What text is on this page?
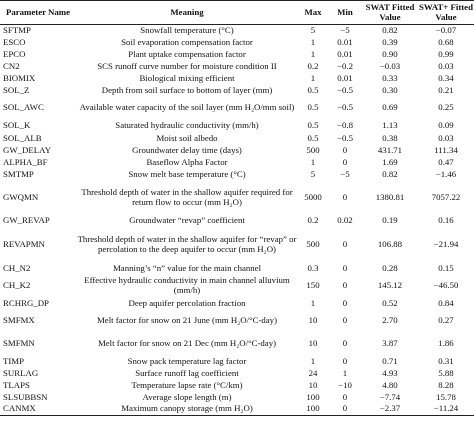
Parameter Name	Meaning	Max	Min	SWAT Fitted Value	SWAT+ Fitted Value
SFTMP	Snowfall temperature (°C)	5	−5	0.82	−0.07
ESCO	Soil evaporation compensation factor	1	0.01	0.39	0.68
EPCO	Plant uptake compensation factor	1	0.01	0.90	0.99
CN2	SCS runoff curve number for moisture condition II	0.2	−0.2	−0.03	0.03
BIOMIX	Biological mixing efficient	1	0.01	0.33	0.34
SOL_Z	Depth from soil surface to bottom of layer (mm)	0.5	−0.5	0.30	0.21
SOL_AWC	Available water capacity of the soil layer (mm H₂O/mm soil)	0.5	−0.5	0.69	0.25
SOL_K	Saturated hydraulic conductivity (mm/h)	0.5	−0.8	1.13	0.09
SOL_ALB	Moist soil albedo	0.5	−0.5	0.38	0.03
GW_DELAY	Groundwater delay time (days)	500	0	431.71	111.34
ALPHA_BF	Baseflow Alpha Factor	1	0	1.69	0.47
SMTMP	Snow melt base temperature (°C)	5	−5	0.82	−1.46
GWQMN	Threshold depth of water in the shallow aquifer required for return flow to occur (mm H₂O)	5000	0	1380.81	7057.22
GW_REVAP	Groundwater “revap” coefficient	0.2	0.02	0.19	0.16
REVAPMN	Threshold depth of water in the shallow aquifer for “revap” or percolation to the deep aquifer to occur (mm H₂O)	500	0	106.88	−21.94
CH_N2	Manning’s “n” value for the main channel	0.3	0	0.28	0.15
CH_K2	Effective hydraulic conductivity in main channel alluvium (mm/h)	150	0	145.12	−46.50
RCHRG_DP	Deep aquifer percolation fraction	1	0	0.52	0.84
SMFMX	Melt factor for snow on 21 June (mm H₂O/°C-day)	10	0	2.70	0.27
SMFMN	Melt factor for snow on 21 Dec (mm H₂O/°C-day)	10	0	3.87	1.86
TIMP	Snow pack temperature lag factor	1	0	0.71	0.31
SURLAG	Surface runoff lag coefficient	24	1	4.93	5.88
TLAPS	Temperature lapse rate (°C/km)	10	−10	4.80	8.28
SLSUBBSN	Average slope length (m)	100	0	−7.74	15.78
CANMX	Maximum canopy storage (mm H₂O)	100	0	−2.37	−11.24
